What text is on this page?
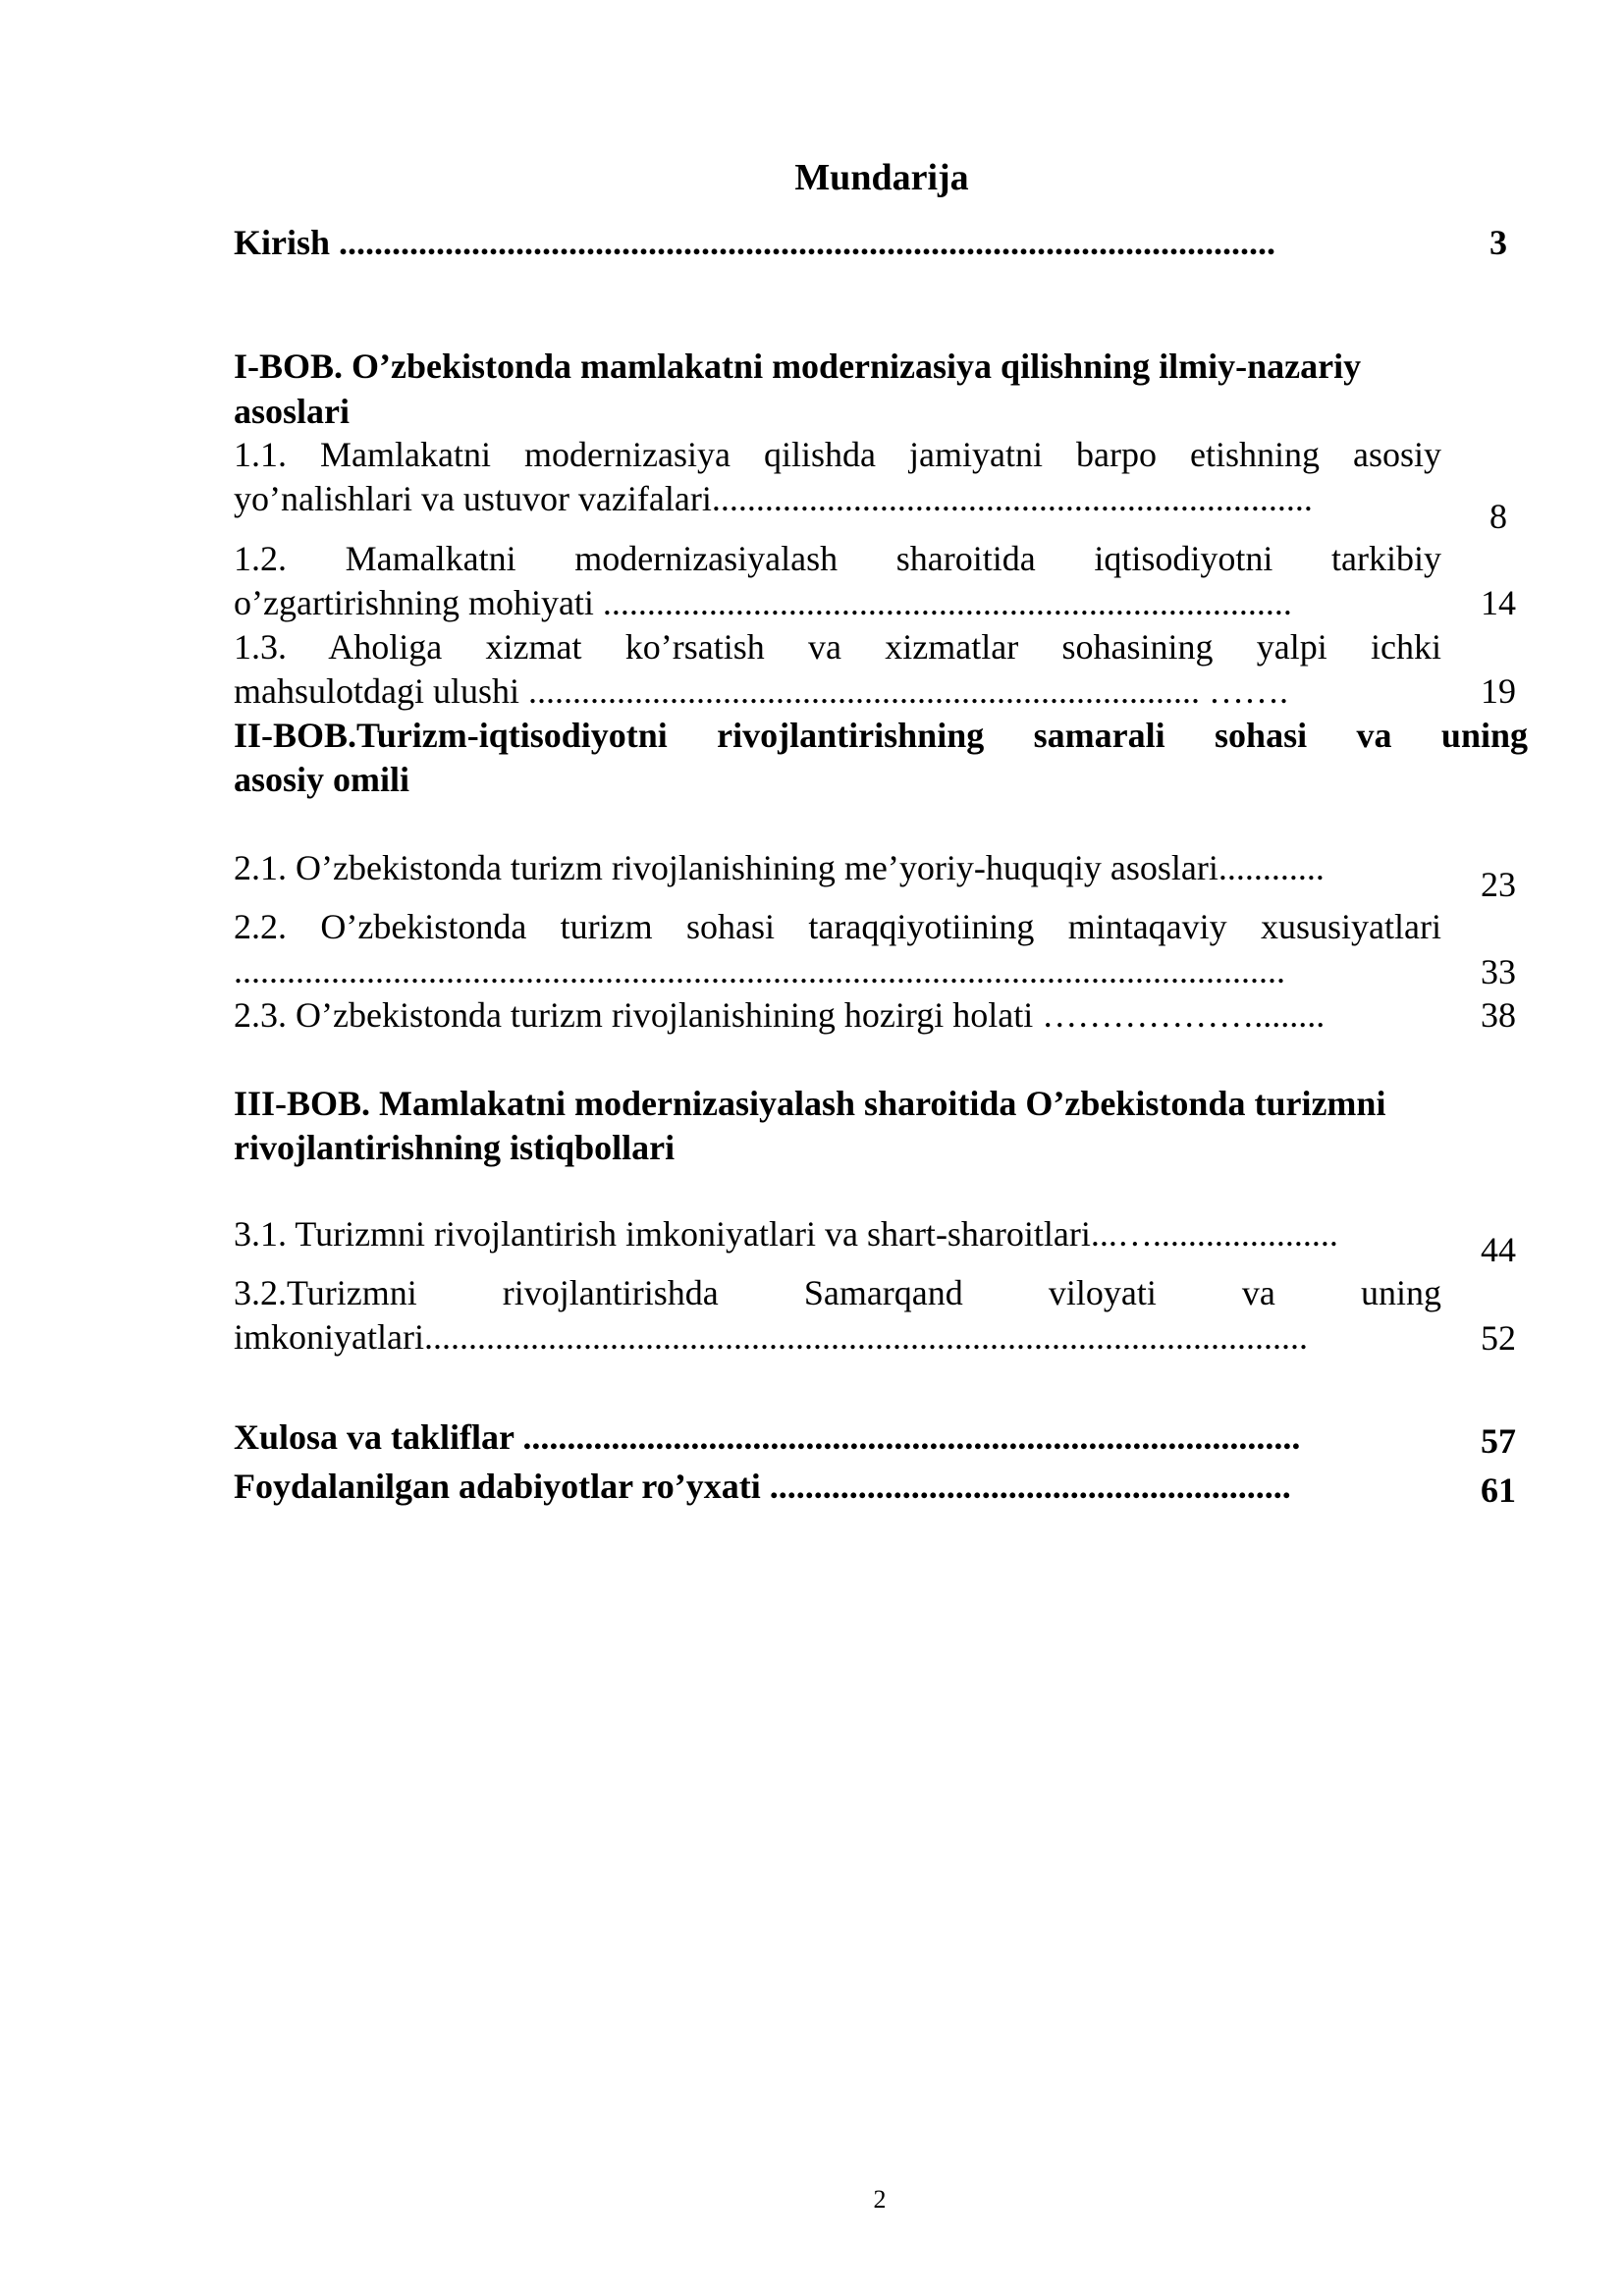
Mundarija
Kirish ..........................................................................................................	3
I-BOB. O’zbekistonda mamlakatni modernizasiya qilishning ilmiy-nazariy
asoslari
1.1. Mamlakatni modernizasiya qilishda jamiyatni barpo etishning asosiy
yo’nalishlari va ustuvor vazifalari....................................................................	8
1.2. Mamalkatni modernizasiyalash sharoitida iqtisodiyotni tarkibiy
o’zgartirishning mohiyati ..............................................................................	14
1.3. Aholiga xizmat ko’rsatish va xizmatlar sohasining yalpi ichki
mahsulotdagi ulushi ............................................................................ …….	19
II-BOB.Turizm-iqtisodiyotni rivojlantirishning samarali sohasi va uning
asosiy omili
2.1. O’zbekistonda turizm rivojlanishining me’yoriy-huquqiy asoslari............	23
2.2. O’zbekistonda turizm sohasi taraqqiyotiining mintaqaviy xususiyatlari
.......................................................................................................................	33
2.3. O’zbekistonda turizm rivojlanishining hozirgi holati ………………........	38
III-BOB. Mamlakatni modernizasiyalash sharoitida O’zbekistonda turizmni
rivojlantirishning istiqbollari
3.1. Turizmni rivojlantirish imkoniyatlari va shart-sharoitlari...….....................	44
3.2.Turizmni rivojlantirishda Samarqand viloyati va uning
imkoniyatlari....................................................................................................	52
Xulosa va takliflar ........................................................................................	57
Foydalanilgan adabiyotlar ro’yxati ...........................................................	61
2
